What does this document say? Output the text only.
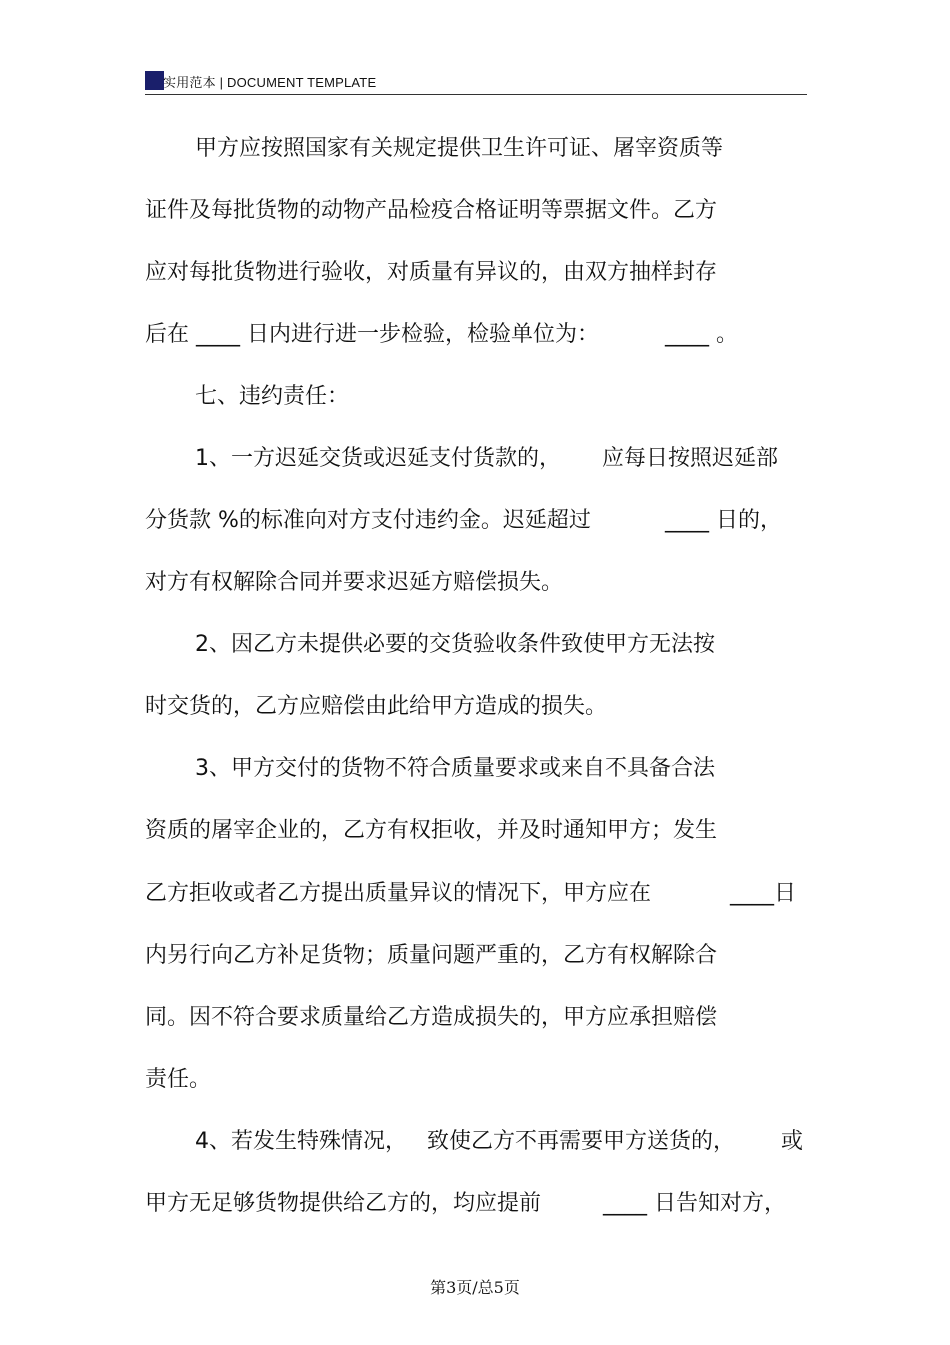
实用范本 | DOCUMENT TEMPLATE
甲方应按照国家有关规定提供卫生许可证、屠宰资质等
证件及每批货物的动物产品检疫合格证明等票据文件。乙方
应对每批货物进行验收，对质量有异议的，由双方抽样封存
后在 ____ 日内进行进一步检验，检验单位为：	____ 。
七、违约责任：
1、一方迟延交货或迟延支付货款的， 应每日按照迟延部
分货款 %的标准向对方支付违约金。迟延超过	____ 日的，
对方有权解除合同并要求迟延方赔偿损失。
2、因乙方未提供必要的交货验收条件致使甲方无法按
时交货的，乙方应赔偿由此给甲方造成的损失。
3、甲方交付的货物不符合质量要求或来自不具备合法
资质的屠宰企业的，乙方有权拒收，并及时通知甲方；发生
乙方拒收或者乙方提出质量异议的情况下，甲方应在	____日
内另行向乙方补足货物；质量问题严重的，乙方有权解除合
同。因不符合要求质量给乙方造成损失的，甲方应承担赔偿
责任。
4、若发生特殊情况， 致使乙方不再需要甲方送货的， 或
甲方无足够货物提供给乙方的，均应提前	____ 日告知对方，
第3页/总5页
